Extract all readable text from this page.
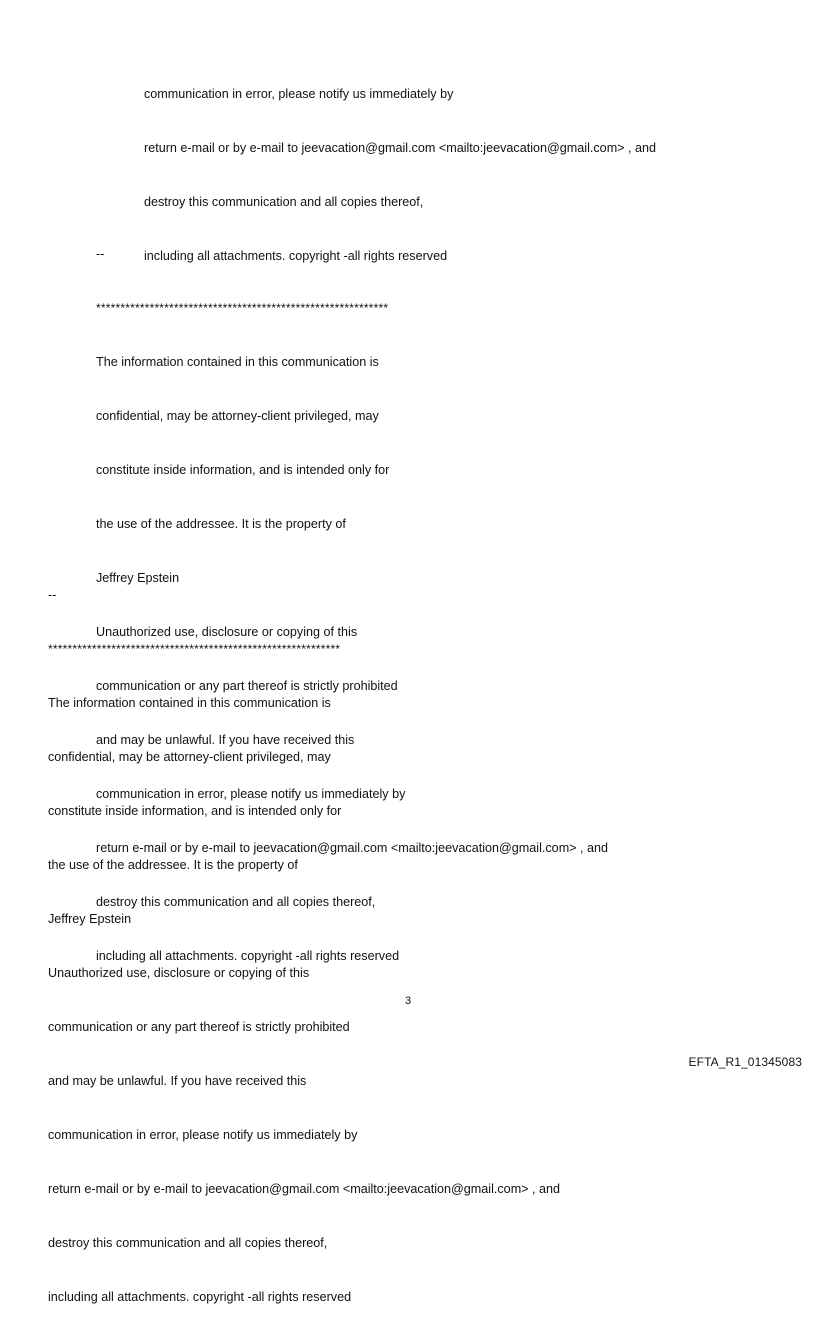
communication in error, please notify us immediately by

return e-mail or by e-mail to jeevacation@gmail.com <mailto:jeevacation@gmail.com> , and

destroy this communication and all copies thereof,

including all attachments. copyright -all rights reserved

--

************************************************************

The information contained in this communication is

confidential, may be attorney-client privileged, may

constitute inside information, and is intended only for

the use of the addressee. It is the property of

Jeffrey Epstein

Unauthorized use, disclosure or copying of this

communication or any part thereof is strictly prohibited

and may be unlawful. If you have received this

communication in error, please notify us immediately by

return e-mail or by e-mail to jeevacation@gmail.com <mailto:jeevacation@gmail.com> , and

destroy this communication and all copies thereof,

including all attachments. copyright -all rights reserved

--

************************************************************

The information contained in this communication is

confidential, may be attorney-client privileged, may

constitute inside information, and is intended only for

the use of the addressee. It is the property of

Jeffrey Epstein

Unauthorized use, disclosure or copying of this

communication or any part thereof is strictly prohibited

and may be unlawful. If you have received this

communication in error, please notify us immediately by

return e-mail or by e-mail to jeevacation@gmail.com <mailto:jeevacation@gmail.com> , and

destroy this communication and all copies thereof,

including all attachments. copyright -all rights reserved

3
EFTA_R1_01345083
